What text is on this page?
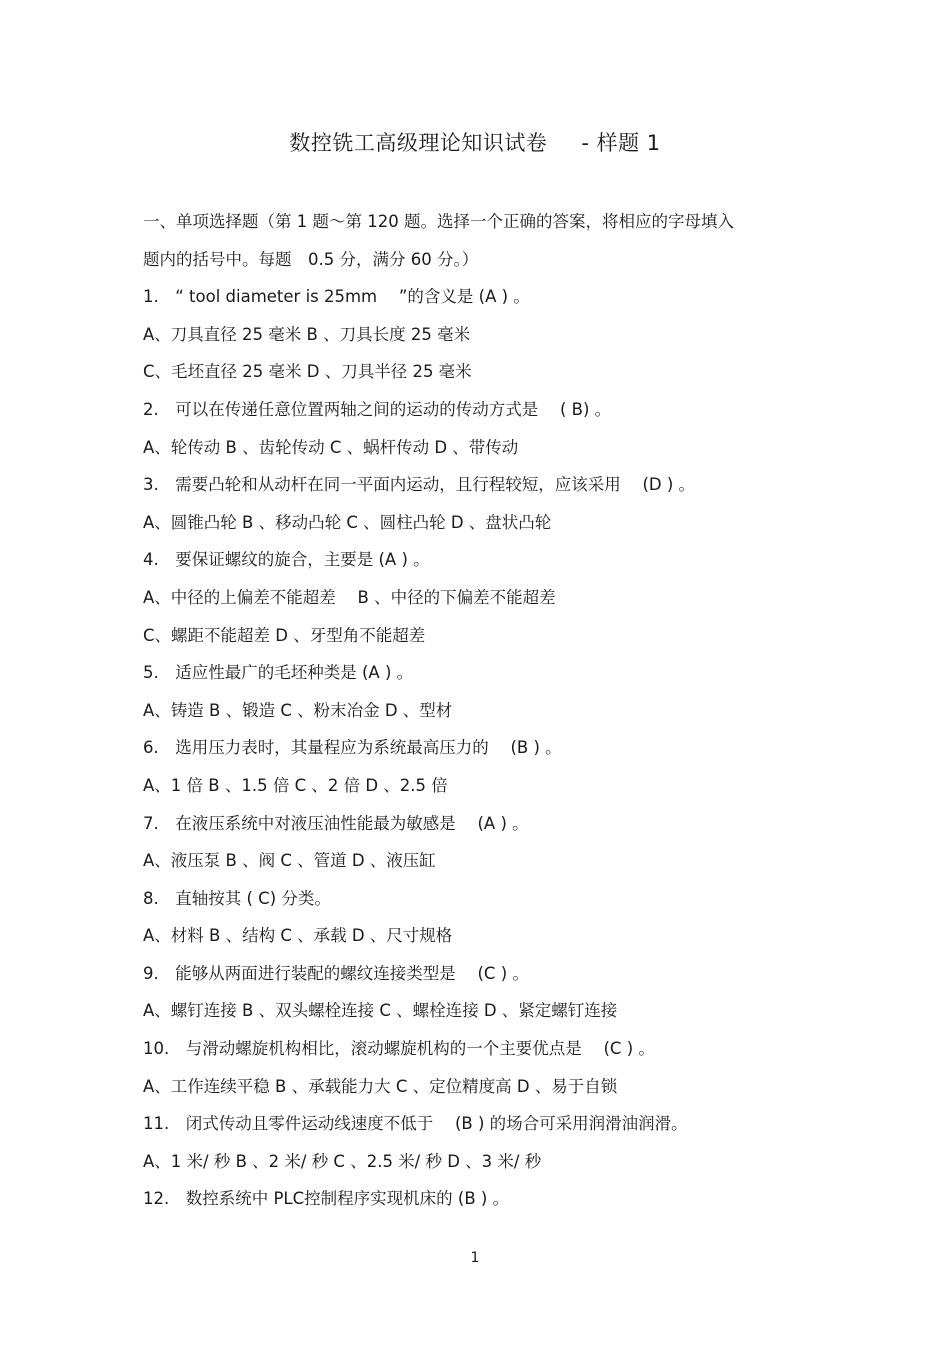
数控铣工高级理论知识试卷 - 样题 1
一、单项选择题（第 1 题～第 120 题。选择一个正确的答案，将相应的字母填入
题内的括号中。每题　0.5 分，满分 60 分。）
1.　“ tool diameter is 25mm　 ”的含义是 (A ) 。
A、刀具直径 25 毫米 B 、刀具长度 25 毫米
C、毛坯直径 25 毫米 D 、刀具半径 25 毫米
2.　可以在传递任意位置两轴之间的运动的传动方式是　 ( B) 。
A、轮传动 B 、齿轮传动 C 、蜗杆传动 D 、带传动
3.　需要凸轮和从动杆在同一平面内运动，且行程较短，应该采用　 (D ) 。
A、圆锥凸轮 B 、移动凸轮 C 、圆柱凸轮 D 、盘状凸轮
4.　要保证螺纹的旋合，主要是 (A ) 。
A、中径的上偏差不能超差　 B 、中径的下偏差不能超差
C、螺距不能超差 D 、牙型角不能超差
5.　适应性最广的毛坯种类是 (A ) 。
A、铸造 B 、锻造 C 、粉末冶金 D 、型材
6.　选用压力表时，其量程应为系统最高压力的　 (B ) 。
A、1 倍 B 、1.5 倍 C 、2 倍 D 、2.5 倍
7.　在液压系统中对液压油性能最为敏感是　 (A ) 。
A、液压泵 B 、阀 C 、管道 D 、液压缸
8.　直轴按其 ( C) 分类。
A、材料 B 、结构 C 、承载 D 、尺寸规格
9.　能够从两面进行装配的螺纹连接类型是　 (C ) 。
A、螺钉连接 B 、双头螺栓连接 C 、螺栓连接 D 、紧定螺钉连接
10.　与滑动螺旋机构相比，滚动螺旋机构的一个主要优点是　 (C ) 。
A、工作连续平稳 B 、承载能力大 C 、定位精度高 D 、易于自锁
11.　闭式传动且零件运动线速度不低于　 (B ) 的场合可采用润滑油润滑。
A、1 米/ 秒 B 、2 米/ 秒 C 、2.5 米/ 秒 D 、3 米/ 秒
12.　数控系统中 PLC控制程序实现机床的 (B ) 。
1
